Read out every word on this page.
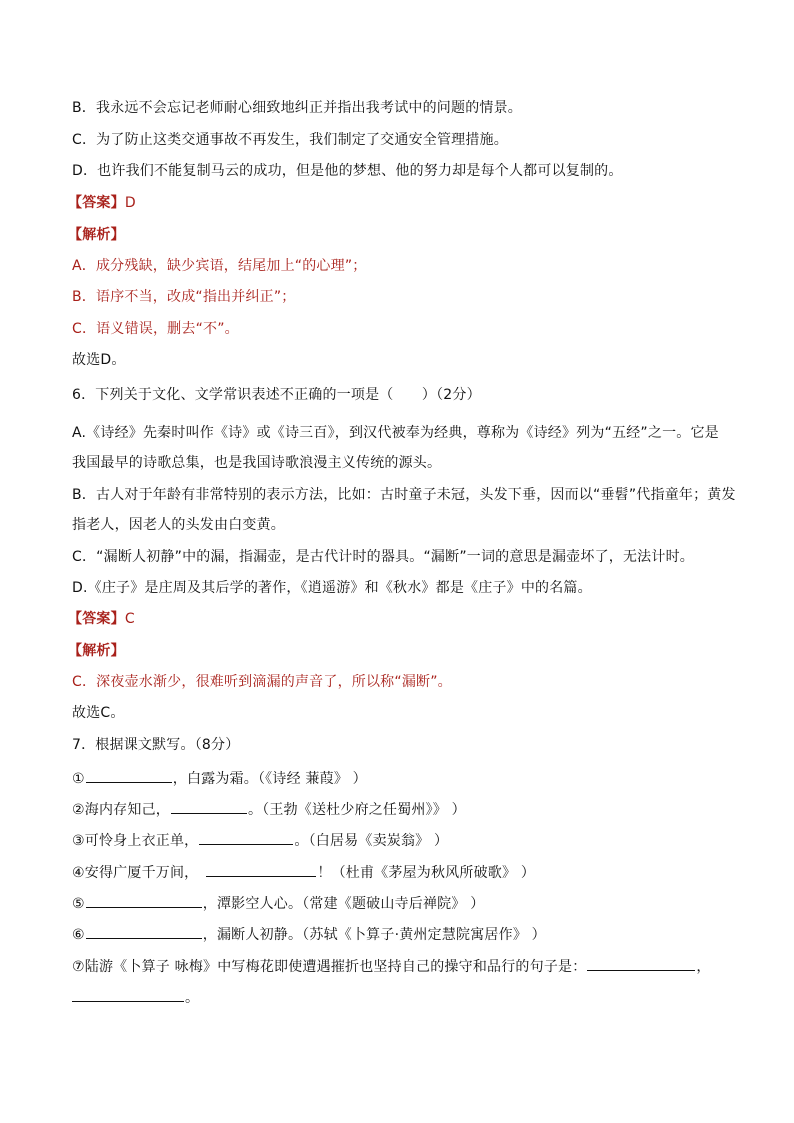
B．我永远不会忘记老师耐心细致地纠正并指出我考试中的问题的情景。
C．为了防止这类交通事故不再发生，我们制定了交通安全管理措施。
D．也许我们不能复制马云的成功，但是他的梦想、他的努力却是每个人都可以复制的。
【答案】D
【解析】
A．成分残缺，缺少宾语，结尾加上“的心理”；
B．语序不当，改成“指出并纠正”；
C．语义错误，删去“不”。
故选D。
6．下列关于文化、文学常识表述不正确的一项是（　　）（2分）
A.《诗经》先秦时叫作《诗》或《诗三百》，到汉代被奉为经典，尊称为《诗经》列为“五经”之一。它是
我国最早的诗歌总集，也是我国诗歌浪漫主义传统的源头。
B．古人对于年龄有非常特别的表示方法，比如：古时童子未冠，头发下垂，因而以“垂髫”代指童年；黄发
指老人，因老人的头发由白变黄。
C．“漏断人初静”中的漏，指漏壶，是古代计时的器具。“漏断”一词的意思是漏壶坏了，无法计时。
D.《庄子》是庄周及其后学的著作，《逍遥游》和《秋水》都是《庄子》中的名篇。
【答案】C
【解析】
C．深夜壶水渐少，很难听到滴漏的声音了，所以称“漏断”。
故选C。
7．根据课文默写。（8分）
①	，白露为霜。（《诗经 蒹葭》 ）
②海内存知己，	。（王勃《送杜少府之任蜀州》》 ）
③可怜身上衣正单，	。（白居易《卖炭翁》 ）
④安得广厦千万间，	！（杜甫《茅屋为秋风所破歌》 ）
⑤	，潭影空人心。（常建《题破山寺后禅院》 ）
⑥	，漏断人初静。（苏轼《卜算子·黄州定慧院寓居作》 ）
⑦陆游《卜算子 咏梅》中写梅花即使遭遇摧折也坚持自己的操守和品行的句子是：	，
。
